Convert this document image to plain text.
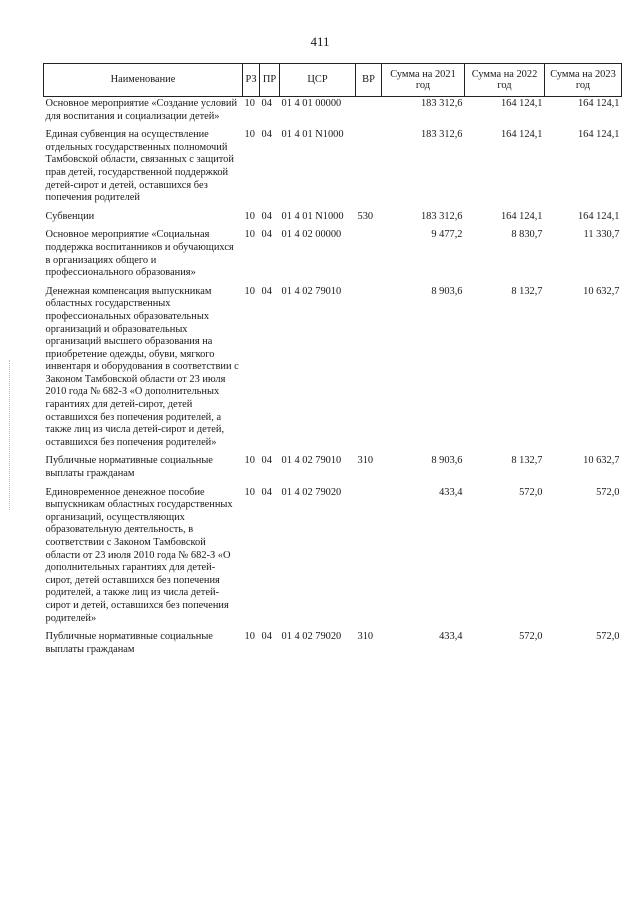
411
Наименование	РЗ	ПР	ЦСР	ВР	Сумма на 2021 год	Сумма на 2022 год	Сумма на 2023 год
Основное мероприятие «Создание условий для воспитания и социализации детей»	10	04	01 4 01 00000		183 312,6	164 124,1	164 124,1
Единая субвенция на осуществление отдельных государственных полномочий Тамбовской области, связанных с защитой прав детей, государственной поддержкой детей-сирот и детей, оставшихся без попечения родителей	10	04	01 4 01 N1000		183 312,6	164 124,1	164 124,1
Субвенции	10	04	01 4 01 N1000	530	183 312,6	164 124,1	164 124,1
Основное мероприятие «Социальная поддержка воспитанников и обучающихся в организациях общего и профессионального образования»	10	04	01 4 02 00000		9 477,2	8 830,7	11 330,7
Денежная компенсация выпускникам областных государственных профессиональных образовательных организаций и образовательных организаций высшего образования на приобретение одежды, обуви, мягкого инвентаря и оборудования в соответствии с Законом Тамбовской области от 23 июля 2010 года № 682-З «О дополнительных гарантиях для детей-сирот, детей оставшихся без попечения родителей, а также лиц из числа детей-сирот и детей, оставшихся без попечения родителей»	10	04	01 4 02 79010		8 903,6	8 132,7	10 632,7
Публичные нормативные социальные выплаты гражданам	10	04	01 4 02 79010	310	8 903,6	8 132,7	10 632,7
Единовременное денежное пособие выпускникам областных государственных организаций, осуществляющих образовательную деятельность, в соответствии с Законом Тамбовской области от 23 июля 2010 года № 682-З «О дополнительных гарантиях для детей-сирот, детей оставшихся без попечения родителей, а также лиц из числа детей-сирот и детей, оставшихся без попечения родителей»	10	04	01 4 02 79020		433,4	572,0	572,0
Публичные нормативные социальные выплаты гражданам	10	04	01 4 02 79020	310	433,4	572,0	572,0
